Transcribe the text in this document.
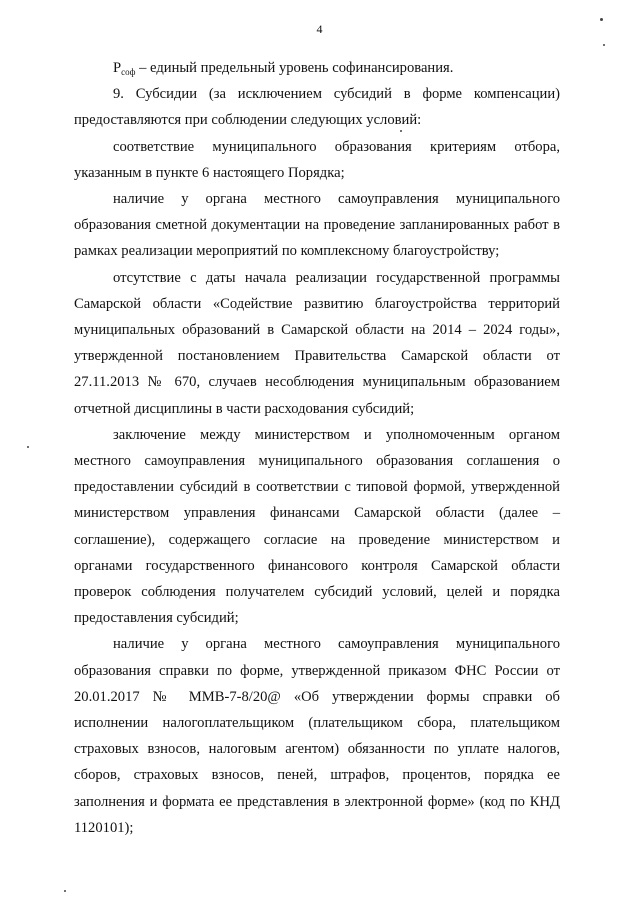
4

$P_{соф}$ – единый предельный уровень софинансирования.

9. Субсидии (за исключением субсидий в форме компенсации) предоставляются при соблюдении следующих условий:

соответствие муниципального образования критериям отбора, указанным в пункте 6 настоящего Порядка;

наличие у органа местного самоуправления муниципального образования сметной документации на проведение запланированных работ в рамках реализации мероприятий по комплексному благоустройству;

отсутствие с даты начала реализации государственной программы Самарской области «Содействие развитию благоустройства территорий муниципальных образований в Самарской области на 2014 – 2024 годы», утвержденной постановлением Правительства Самарской области от 27.11.2013 № 670, случаев несоблюдения муниципальным образованием отчетной дисциплины в части расходования субсидий;

заключение между министерством и уполномоченным органом местного самоуправления муниципального образования соглашения о предоставлении субсидий в соответствии с типовой формой, утвержденной министерством управления финансами Самарской области (далее – соглашение), содержащего согласие на проведение министерством и органами государственного финансового контроля Самарской области проверок соблюдения получателем субсидий условий, целей и порядка предоставления субсидий;

наличие у органа местного самоуправления муниципального образования справки по форме, утвержденной приказом ФНС России от 20.01.2017 № ММВ-7-8/20@ «Об утверждении формы справки об исполнении налогоплательщиком (плательщиком сбора, плательщиком страховых взносов, налоговым агентом) обязанности по уплате налогов, сборов, страховых взносов, пеней, штрафов, процентов, порядка ее заполнения и формата ее представления в электронной форме» (код по КНД 1120101);
